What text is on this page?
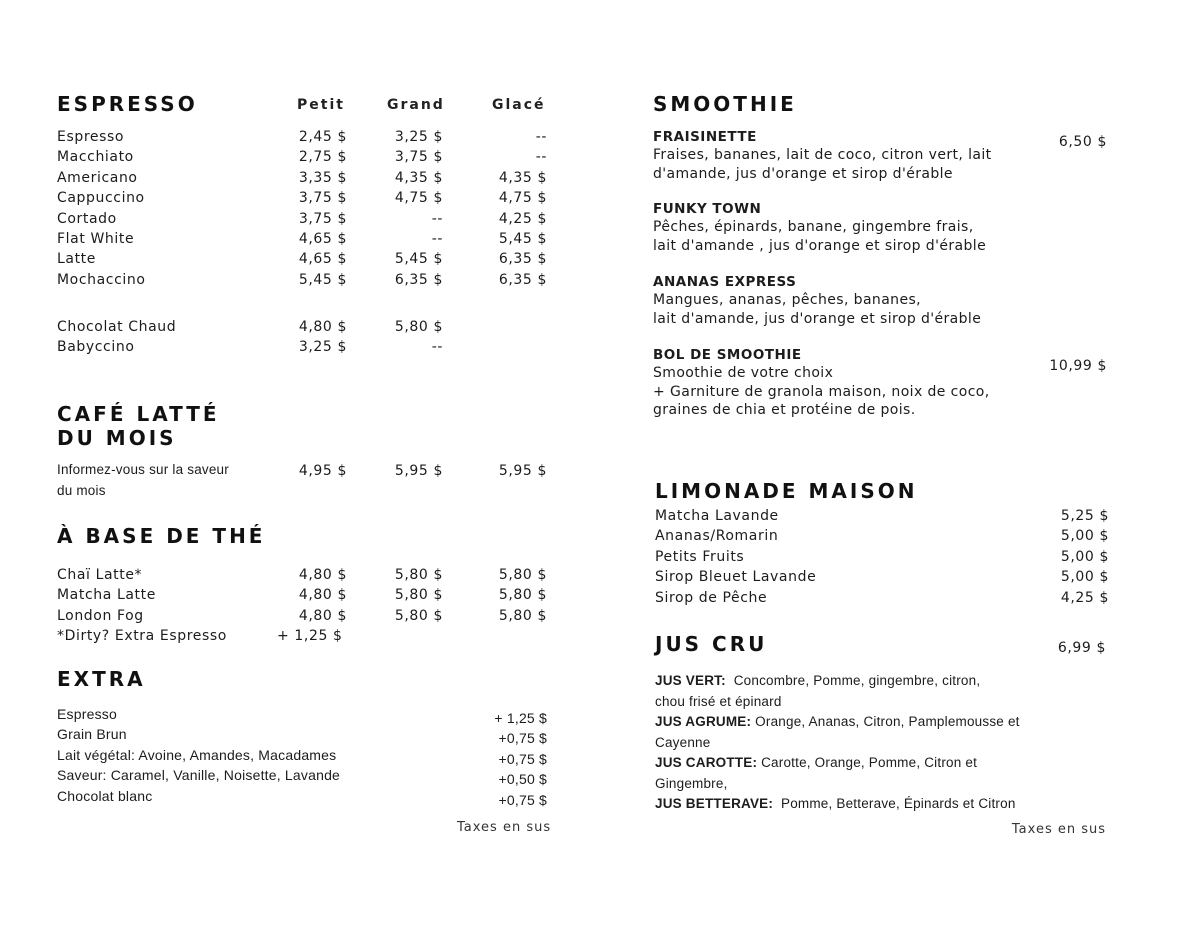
ESPRESSO	Petit	Grand	Glacé
Espresso	2,45 $	3,25 $	--
Macchiato	2,75 $	3,75 $	--
Americano	3,35 $	4,35 $	4,35 $
Cappuccino	3,75 $	4,75 $	4,75 $
Cortado	3,75 $	--	4,25 $
Flat White	4,65 $	--	5,45 $
Latte	4,65 $	5,45 $	6,35 $
Mochaccino	5,45 $	6,35 $	6,35 $
Chocolat Chaud	4,80 $	5,80 $
Babyccino	3,25 $	--
CAFÉ LATTÉ
DU MOIS
Informez-vous sur la saveur
du mois
4,95 $	5,95 $	5,95 $
À BASE DE THÉ
Chaï Latte*	4,80 $	5,80 $	5,80 $
Matcha Latte	4,80 $	5,80 $	5,80 $
London Fog	4,80 $	5,80 $	5,80 $
*Dirty? Extra Espresso	+ 1,25 $
EXTRA
Espresso	+ 1,25 $
Grain Brun	+0,75 $
Lait végétal: Avoine, Amandes, Macadames	+0,75 $
Saveur: Caramel, Vanille, Noisette, Lavande	+0,50 $
Chocolat blanc	+0,75 $
Taxes en sus
SMOOTHIE
FRAISINETTE
Fraises, bananes, lait de coco, citron vert, lait
d'amande, jus d'orange et sirop d'érable
6,50 $
FUNKY TOWN
Pêches, épinards, banane, gingembre frais,
lait d'amande , jus d'orange et sirop d'érable
ANANAS EXPRESS
Mangues, ananas, pêches, bananes,
lait d'amande, jus d'orange et sirop d'érable
BOL DE SMOOTHIE
Smoothie de votre choix
+ Garniture de granola maison, noix de coco,
graines de chia et protéine de pois.
10,99 $
LIMONADE MAISON
Matcha Lavande	5,25 $
Ananas/Romarin	5,00 $
Petits Fruits	5,00 $
Sirop Bleuet Lavande	5,00 $
Sirop de Pêche	4,25 $
JUS CRU	6,99 $
JUS VERT: Concombre, Pomme, gingembre, citron,
chou frisé et épinard
JUS AGRUME: Orange, Ananas, Citron, Pamplemousse et
Cayenne
JUS CAROTTE: Carotte, Orange, Pomme, Citron et
Gingembre,
JUS BETTERAVE: Pomme, Betterave, Épinards et Citron
Taxes en sus
